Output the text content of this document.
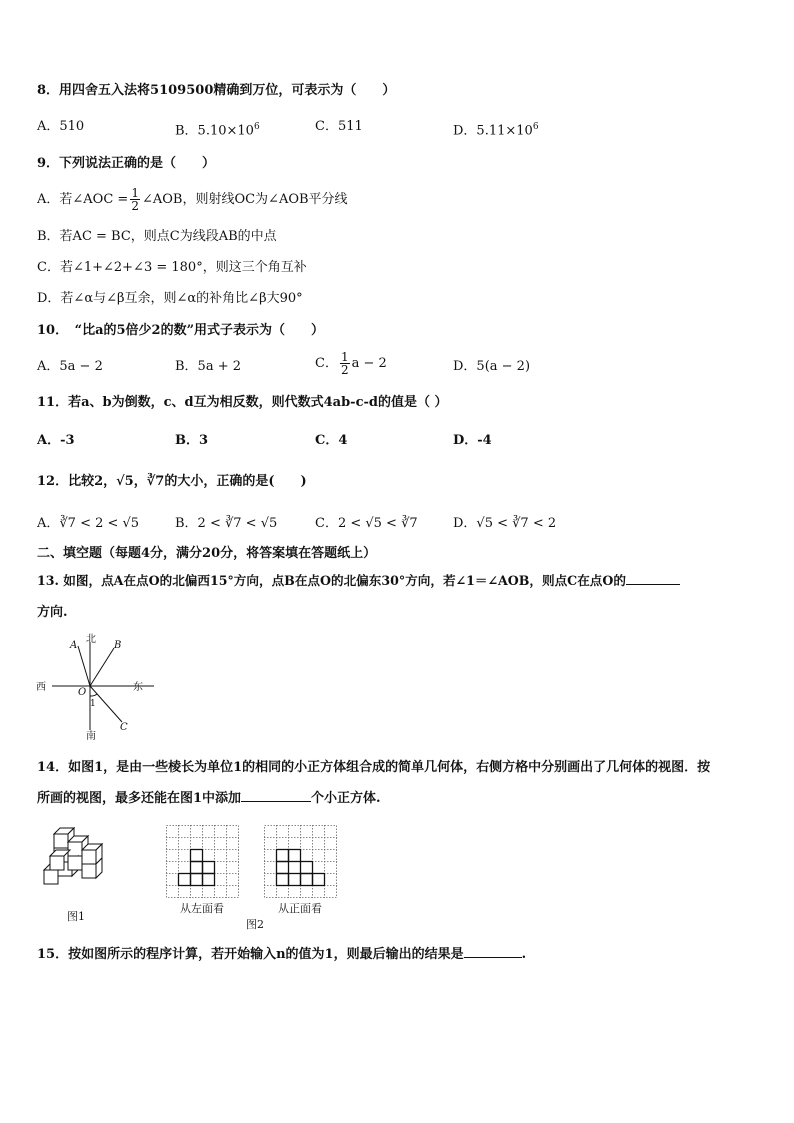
8．用四舍五入法将5109500精确到万位，可表示为（　　）
A．510	B．$5.10\times 10^6$	C．511	D．$5.11\times 10^6$
9．下列说法正确的是（　　）
A．若∠AOC = $\frac{1}{2}$ ∠AOB，则射线OC为∠AOB平分线
B．若AC = BC，则点C为线段AB的中点
C．若∠1+∠2+∠3 = 180°，则这三个角互补
D．若∠α与∠β互余，则∠α的补角比∠β大90°
10．　“比a的5倍少2的数”用式子表示为（　　）
A．5a − 2	B．5a + 2	C． $\frac{1}{2}$ a − 2	D．5(a − 2)
11．若a、b为倒数，c、d互为相反数，则代数式4ab-c-d的值是（ ）
A．-3	B．3	C．4	D．-4
12．比较2，√5，∛7的大小，正确的是(　　)
A．∛7 < 2 < √5	B．2 < ∛7 < √5	C．2 < √5 < ∛7	D．√5 < ∛7 < 2
二、填空题（每题4分，满分20分，将答案填在答题纸上）
13. 如图，点A在点O的北偏西15°方向，点B在点O的北偏东30°方向，若∠1＝∠AOB，则点C在点O的
方向.
北
南
东
西
A	B
C
O
1
14．如图1，是由一些棱长为单位1的相同的小正方体组合成的简单几何体，右侧方格中分别画出了几何体的视图．按
所画的视图，最多还能在图1中添加	个小正方体.
图1
从左面看	从正面看
图2
15．按如图所示的程序计算，若开始输入n的值为1，则最后输出的结果是	.
